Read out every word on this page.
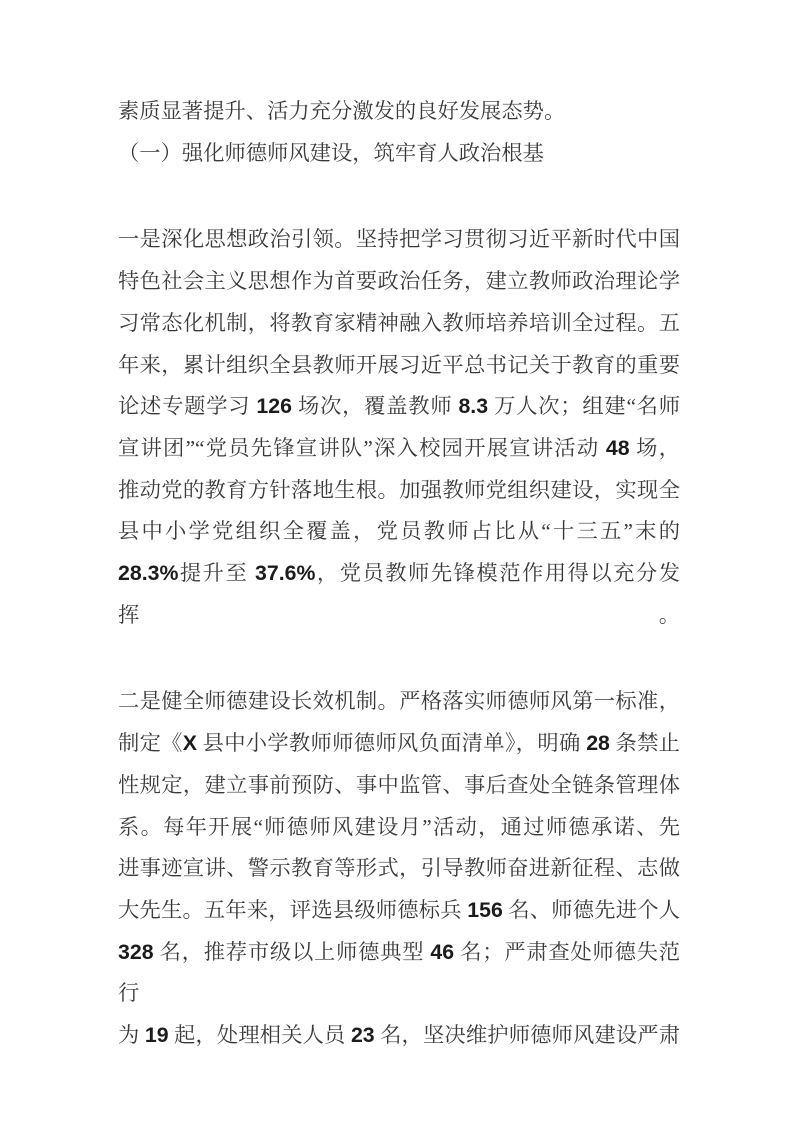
素质显著提升、活力充分激发的良好发展态势。

（一）强化师德师风建设，筑牢育人政治根基

一是深化思想政治引领。坚持把学习贯彻习近平新时代中国

特色社会主义思想作为首要政治任务，建立教师政治理论学

习常态化机制，将教育家精神融入教师培养培训全过程。五

年来，累计组织全县教师开展习近平总书记关于教育的重要

论述专题学习 126 场次，覆盖教师 8.3 万人次；组建“名师

宣讲团”“党员先锋宣讲队”深入校园开展宣讲活动 48 场，

推动党的教育方针落地生根。加强教师党组织建设，实现全

县中小学党组织全覆盖，党员教师占比从“十三五”末的

28.3%提升至 37.6%，党员教师先锋模范作用得以充分发挥。

二是健全师德建设长效机制。严格落实师德师风第一标准，

制定《X 县中小学教师师德师风负面清单》，明确 28 条禁止

性规定，建立事前预防、事中监管、事后查处全链条管理体

系。每年开展“师德师风建设月”活动，通过师德承诺、先

进事迹宣讲、警示教育等形式，引导教师奋进新征程、志做

大先生。五年来，评选县级师德标兵 156 名、师德先进个人

328 名，推荐市级以上师德典型 46 名；严肃查处师德失范行

为 19 起，处理相关人员 23 名，坚决维护师德师风建设严肃
